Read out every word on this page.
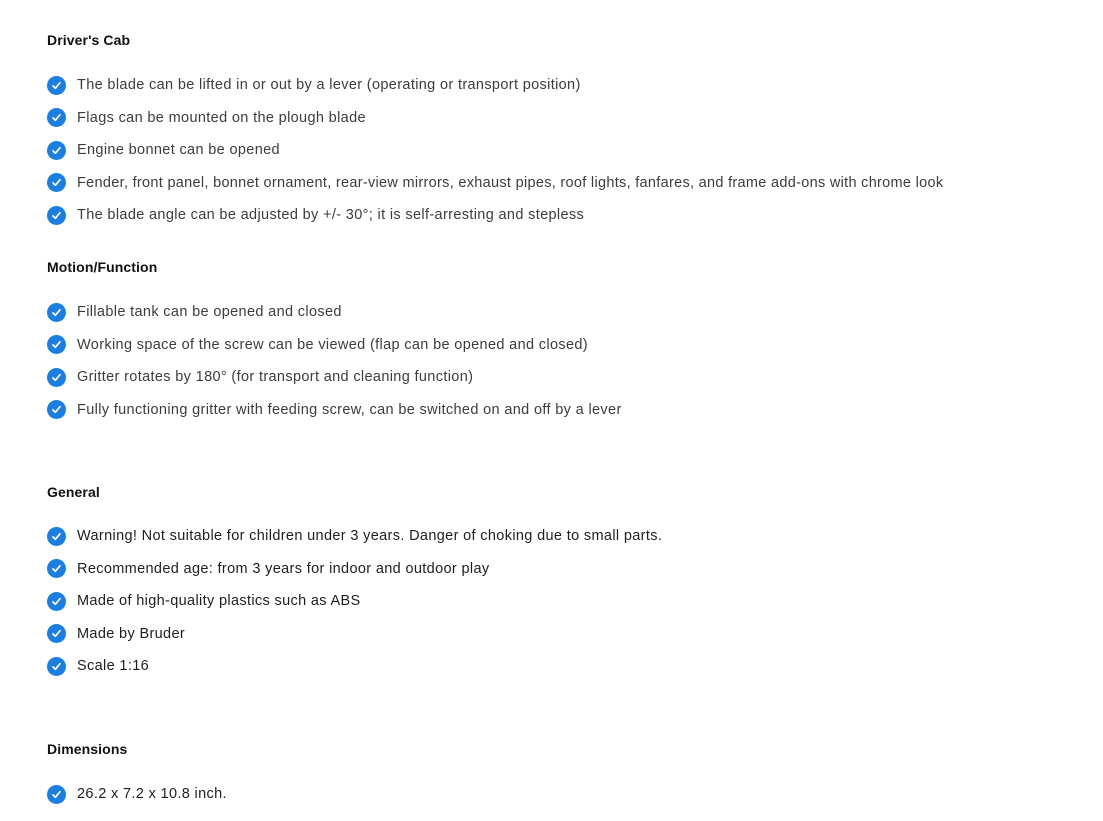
Driver's Cab
The blade can be lifted in or out by a lever (operating or transport position)
Flags can be mounted on the plough blade
Engine bonnet can be opened
Fender, front panel, bonnet ornament, rear-view mirrors, exhaust pipes, roof lights, fanfares, and frame add-ons with chrome look
The blade angle can be adjusted by +/- 30°; it is self-arresting and stepless
Motion/Function
Fillable tank can be opened and closed
Working space of the screw can be viewed (flap can be opened and closed)
Gritter rotates by 180° (for transport and cleaning function)
Fully functioning gritter with feeding screw, can be switched on and off by a lever
General
Warning! Not suitable for children under 3 years. Danger of choking due to small parts.
Recommended age: from 3 years for indoor and outdoor play
Made of high-quality plastics such as ABS
Made by Bruder
Scale 1:16
Dimensions
26.2 x 7.2 x 10.8 inch.
